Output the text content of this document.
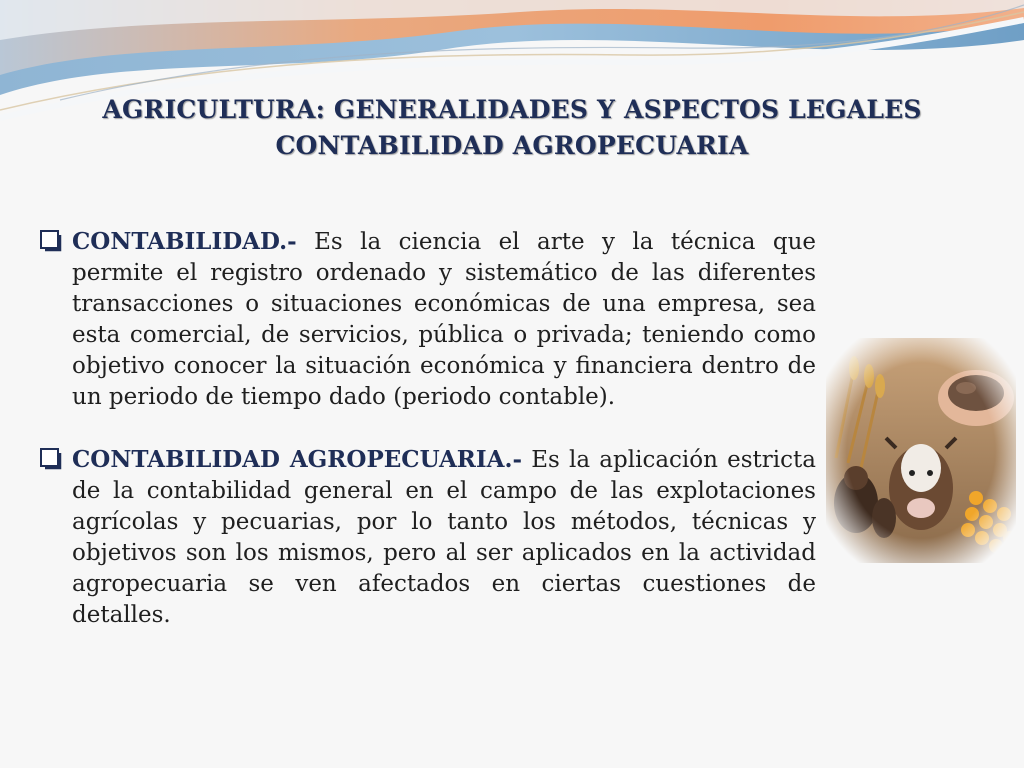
AGRICULTURA: GENERALIDADES Y ASPECTOS LEGALES

CONTABILIDAD AGROPECUARIA

CONTABILIDAD.- Es la ciencia el arte y la técnica que permite el registro ordenado y sistemático de las diferentes transacciones o situaciones económicas de una empresa, sea esta comercial, de servicios, pública o privada; teniendo como objetivo conocer la situación económica y financiera dentro de un periodo de tiempo dado (periodo contable).

CONTABILIDAD AGROPECUARIA.- Es la aplicación estricta de la contabilidad general en el campo de las explotaciones agrícolas y pecuarias, por lo tanto los métodos, técnicas y objetivos son los mismos, pero al ser aplicados en la actividad agropecuaria se ven afectados en ciertas cuestiones de detalles.
